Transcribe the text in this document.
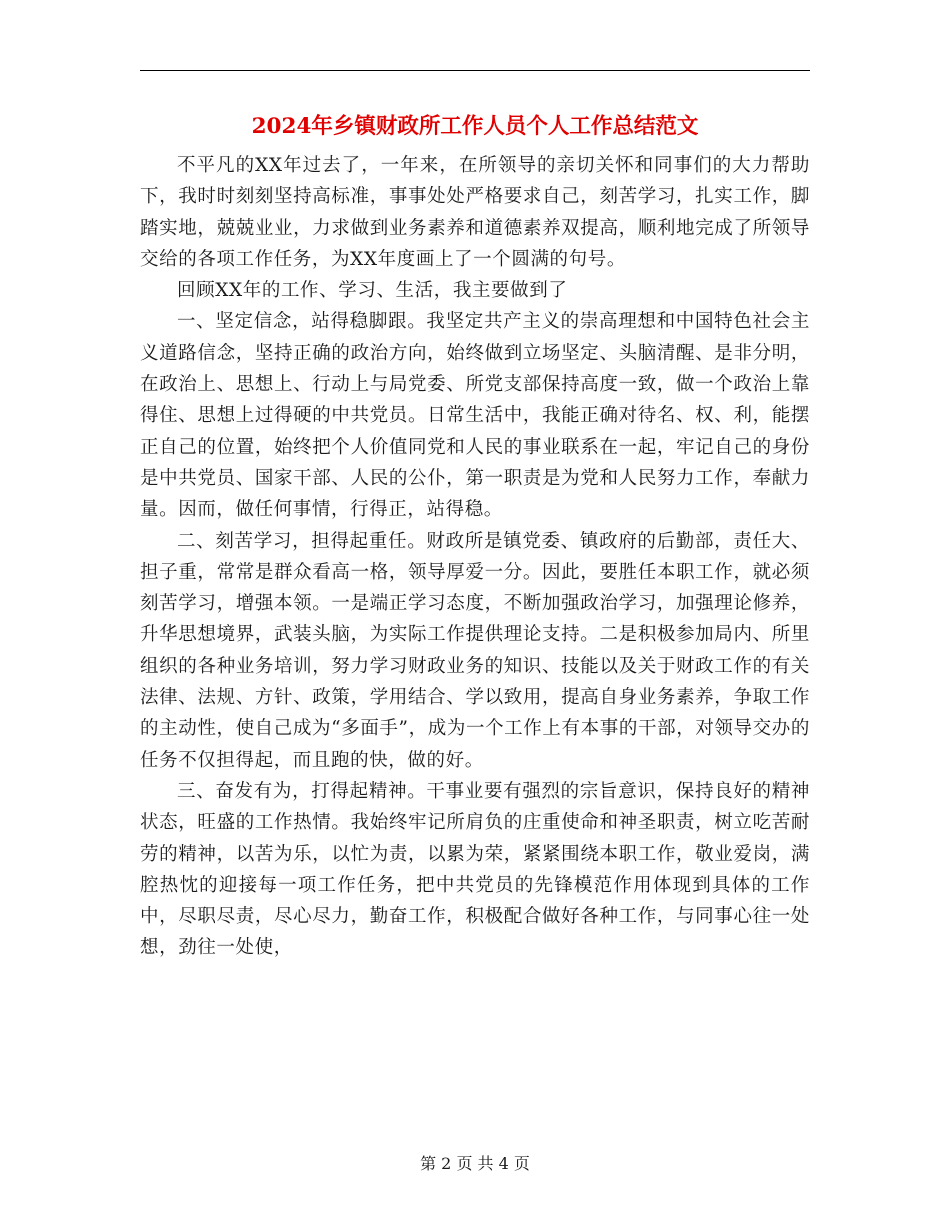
2024年乡镇财政所工作人员个人工作总结范文

不平凡的XX年过去了，一年来，在所领导的亲切关怀和同事们的大力帮助下，我时时刻刻坚持高标准，事事处处严格要求自己，刻苦学习，扎实工作，脚踏实地，兢兢业业，力求做到业务素养和道德素养双提高，顺利地完成了所领导交给的各项工作任务，为XX年度画上了一个圆满的句号。

回顾XX年的工作、学习、生活，我主要做到了

一、坚定信念，站得稳脚跟。我坚定共产主义的崇高理想和中国特色社会主义道路信念，坚持正确的政治方向，始终做到立场坚定、头脑清醒、是非分明，在政治上、思想上、行动上与局党委、所党支部保持高度一致，做一个政治上靠得住、思想上过得硬的中共党员。日常生活中，我能正确对待名、权、利，能摆正自己的位置，始终把个人价值同党和人民的事业联系在一起，牢记自己的身份是中共党员、国家干部、人民的公仆，第一职责是为党和人民努力工作，奉献力量。因而，做任何事情，行得正，站得稳。

二、刻苦学习，担得起重任。财政所是镇党委、镇政府的后勤部，责任大、担子重，常常是群众看高一格，领导厚爱一分。因此，要胜任本职工作，就必须刻苦学习，增强本领。一是端正学习态度，不断加强政治学习，加强理论修养，升华思想境界，武装头脑，为实际工作提供理论支持。二是积极参加局内、所里组织的各种业务培训，努力学习财政业务的知识、技能以及关于财政工作的有关法律、法规、方针、政策，学用结合、学以致用，提高自身业务素养，争取工作的主动性，使自己成为“多面手”，成为一个工作上有本事的干部，对领导交办的任务不仅担得起，而且跑的快，做的好。

三、奋发有为，打得起精神。干事业要有强烈的宗旨意识，保持良好的精神状态，旺盛的工作热情。我始终牢记所肩负的庄重使命和神圣职责，树立吃苦耐劳的精神，以苦为乐，以忙为责，以累为荣，紧紧围绕本职工作，敬业爱岗，满腔热忱的迎接每一项工作任务，把中共党员的先锋模范作用体现到具体的工作中，尽职尽责，尽心尽力，勤奋工作，积极配合做好各种工作，与同事心往一处想，劲往一处使，

第 2 页 共 4 页
